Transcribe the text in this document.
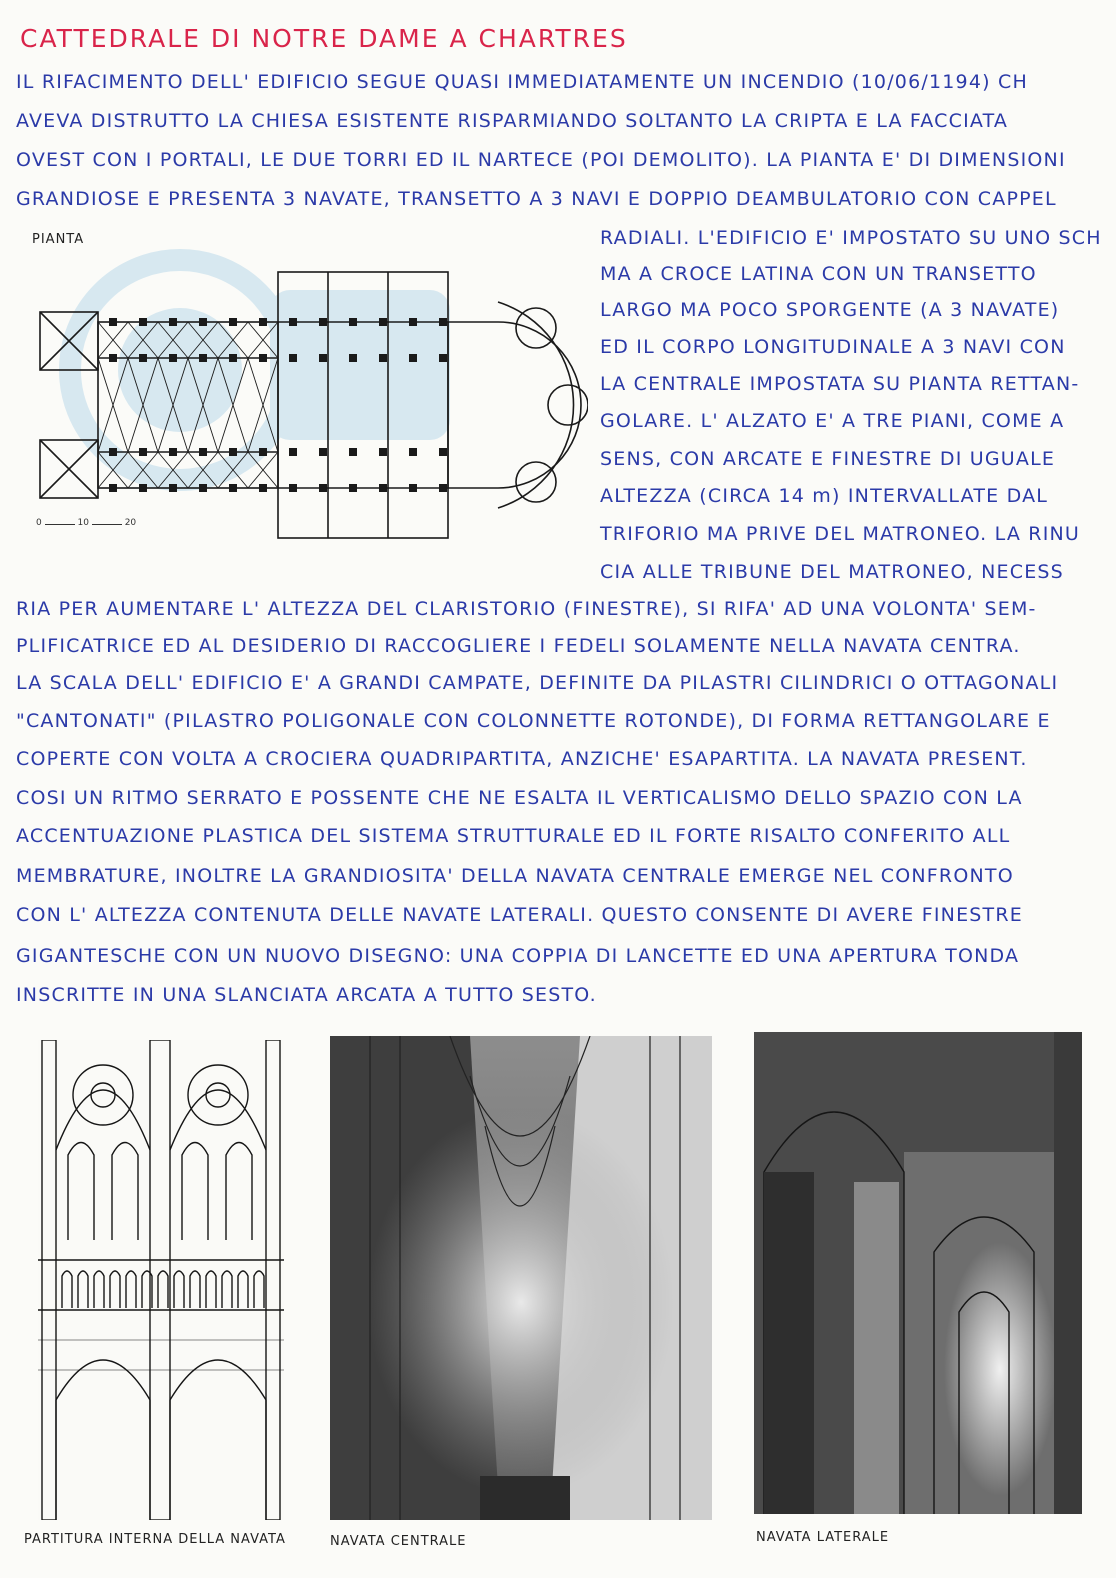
CATTEDRALE DI NOTRE DAME A CHARTRES
IL RIFACIMENTO DELL' EDIFICIO SEGUE QUASI IMMEDIATAMENTE UN INCENDIO (10/06/1194) CH
AVEVA DISTRUTTO LA CHIESA ESISTENTE RISPARMIANDO SOLTANTO LA CRIPTA E LA FACCIATA
OVEST CON I PORTALI, LE DUE TORRI ED IL NARTECE (POI DEMOLITO). LA PIANTA E' DI DIMENSIONI
GRANDIOSE E PRESENTA 3 NAVATE, TRANSETTO A 3 NAVI E DOPPIO DEAMBULATORIO CON CAPPEL
PIANTA
0	10	20
RADIALI. L'EDIFICIO E' IMPOSTATO SU UNO SCH
MA A CROCE LATINA CON UN TRANSETTO
LARGO MA POCO SPORGENTE (A 3 NAVATE)
ED IL CORPO LONGITUDINALE A 3 NAVI CON
LA CENTRALE IMPOSTATA SU PIANTA RETTAN-
GOLARE. L' ALZATO E' A TRE PIANI, COME A
SENS, CON ARCATE E FINESTRE DI UGUALE
ALTEZZA (CIRCA 14 m) INTERVALLATE DAL
TRIFORIO MA PRIVE DEL MATRONEO. LA RINU
CIA ALLE TRIBUNE DEL MATRONEO, NECESS
RIA PER AUMENTARE L' ALTEZZA DEL CLARISTORIO (FINESTRE), SI RIFA' AD UNA VOLONTA' SEM-
PLIFICATRICE ED AL DESIDERIO DI RACCOGLIERE I FEDELI SOLAMENTE NELLA NAVATA CENTRA.
LA SCALA DELL' EDIFICIO E' A GRANDI CAMPATE, DEFINITE DA PILASTRI CILINDRICI O OTTAGONALI
"CANTONATI" (PILASTRO POLIGONALE CON COLONNETTE ROTONDE), DI FORMA RETTANGOLARE E
COPERTE CON VOLTA A CROCIERA QUADRIPARTITA, ANZICHE' ESAPARTITA. LA NAVATA PRESENT.
COSI UN RITMO SERRATO E POSSENTE CHE NE ESALTA IL VERTICALISMO DELLO SPAZIO CON LA
ACCENTUAZIONE PLASTICA DEL SISTEMA STRUTTURALE ED IL FORTE RISALTO CONFERITO ALL
MEMBRATURE, INOLTRE LA GRANDIOSITA' DELLA NAVATA CENTRALE EMERGE NEL CONFRONTO
CON L' ALTEZZA CONTENUTA DELLE NAVATE LATERALI. QUESTO CONSENTE DI AVERE FINESTRE
GIGANTESCHE CON UN NUOVO DISEGNO: UNA COPPIA DI LANCETTE ED UNA APERTURA TONDA
INSCRITTE IN UNA SLANCIATA ARCATA A TUTTO SESTO.
PARTITURA INTERNA DELLA NAVATA	NAVATA CENTRALE	NAVATA LATERALE
